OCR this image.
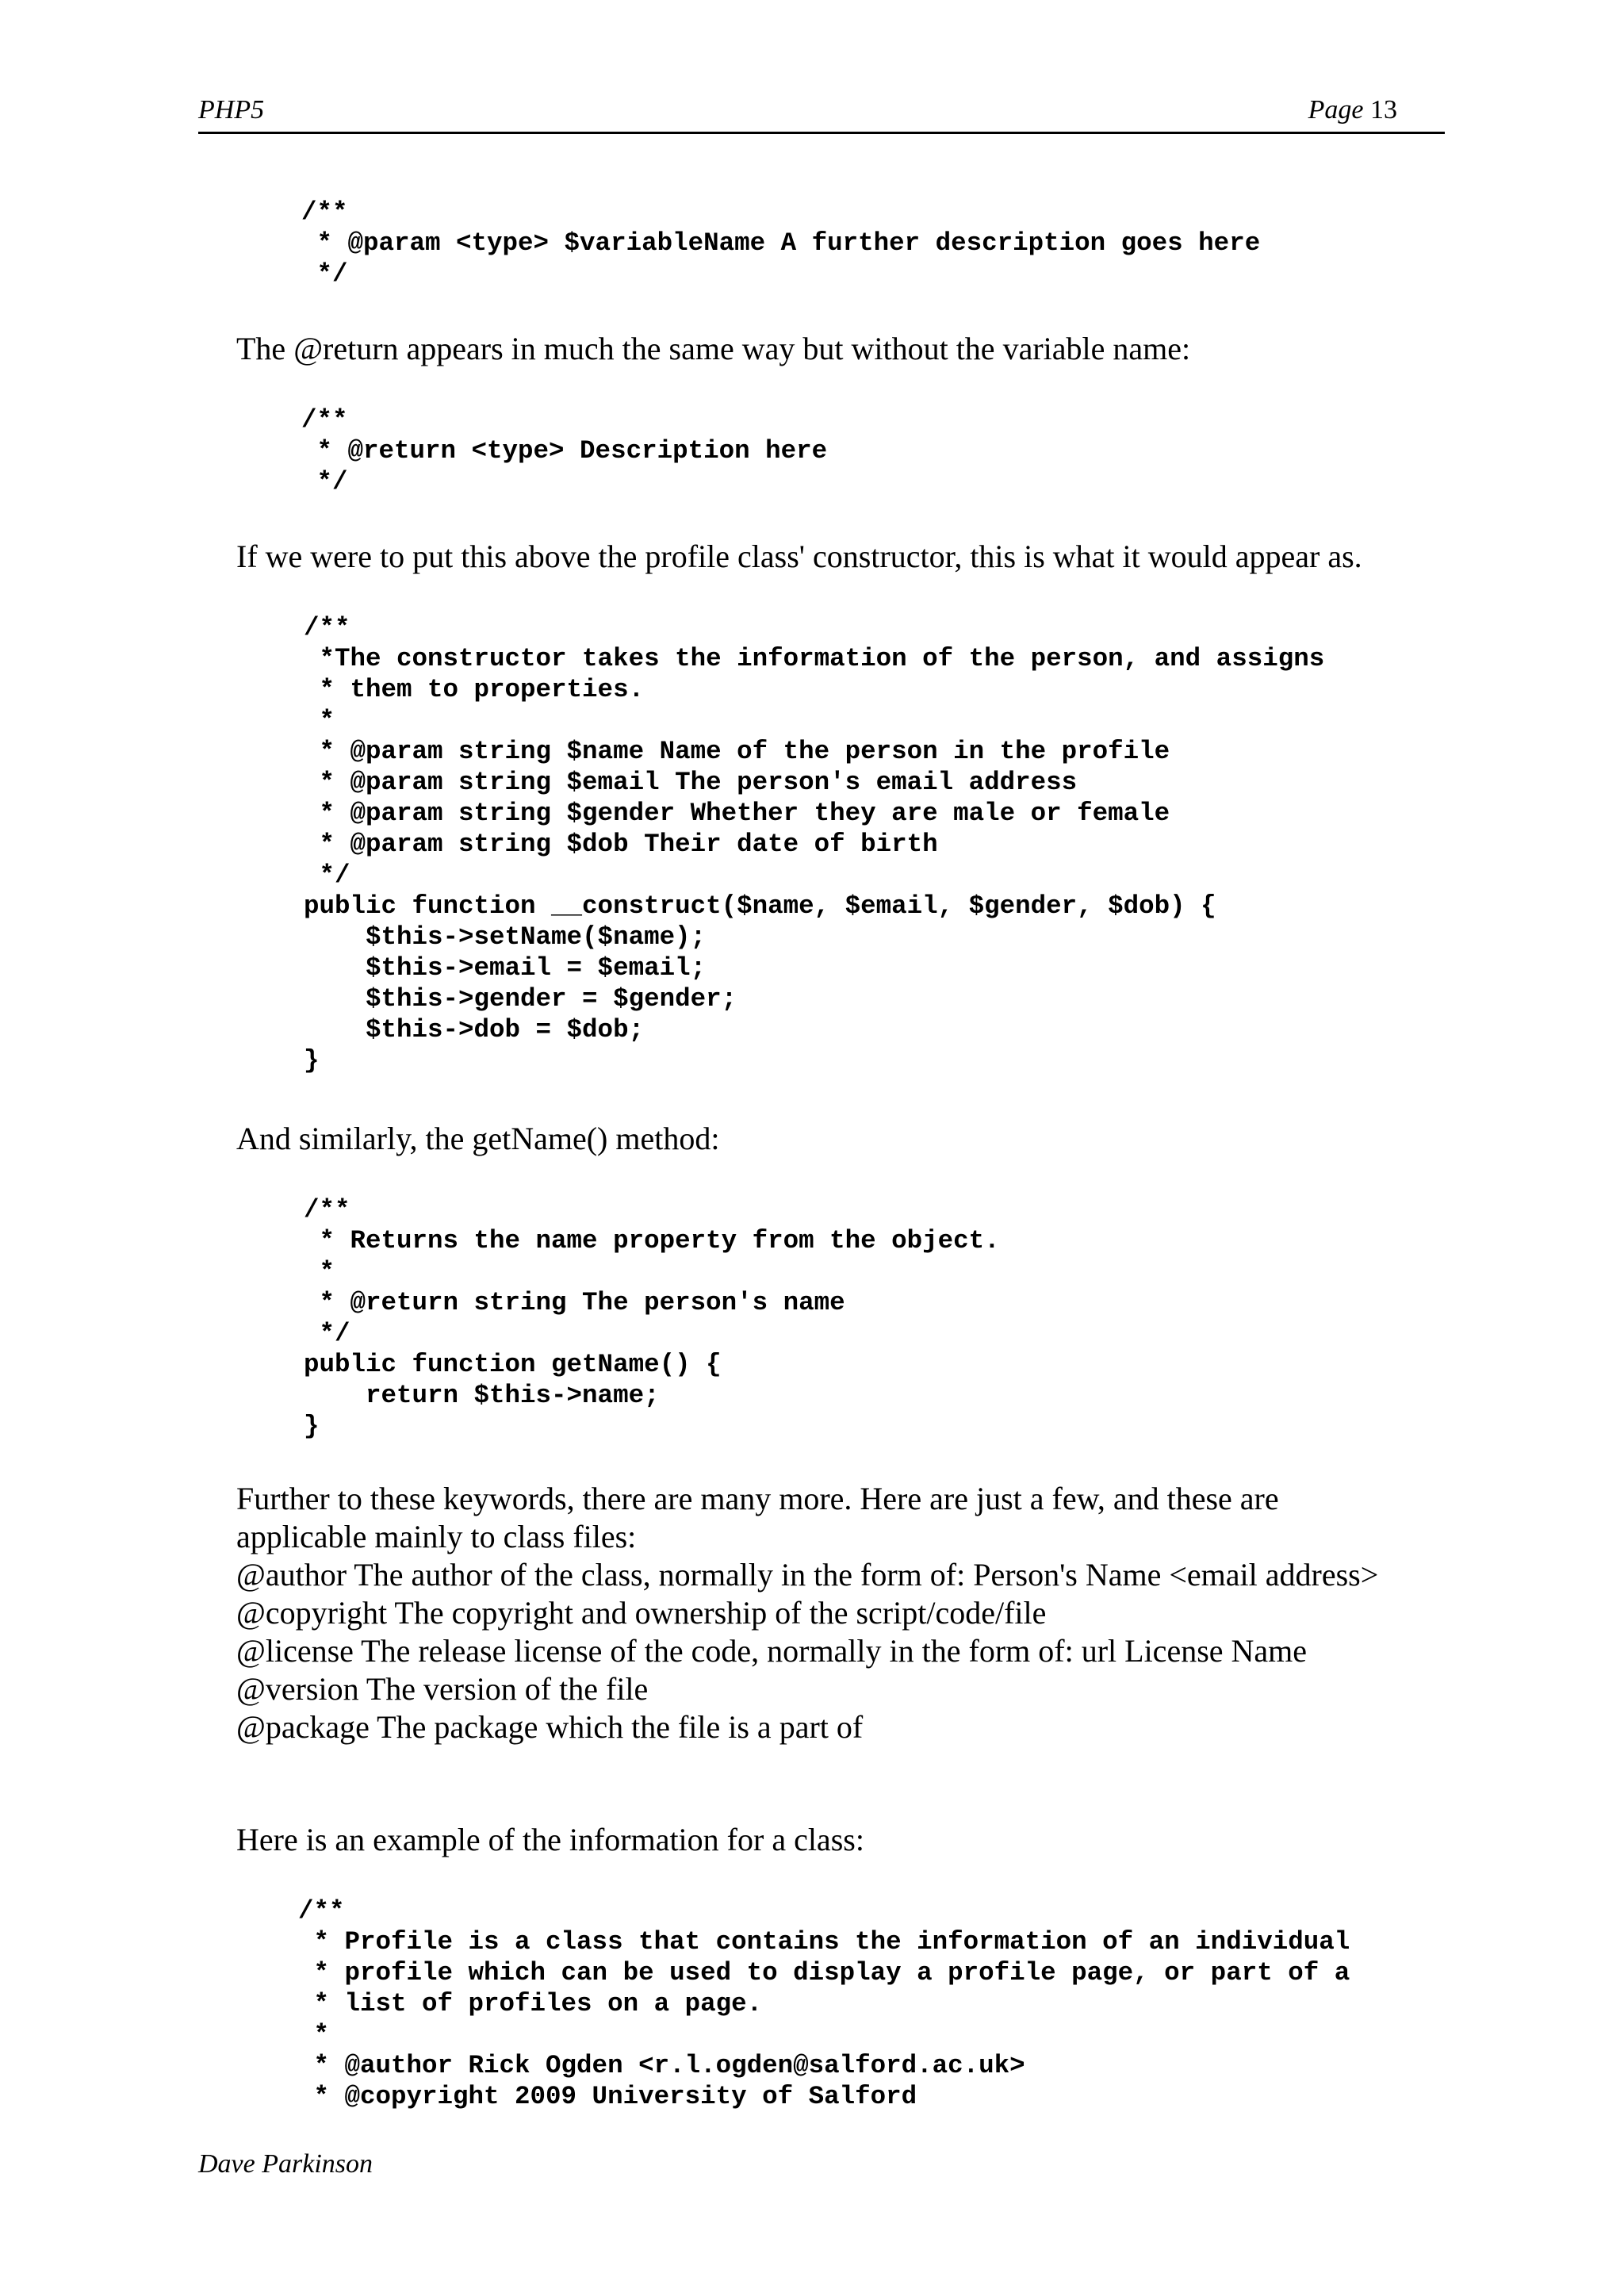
PHP5	Page 13
/**
* @param <type> $variableName A further description goes here
*/

The @return appears in much the same way but without the variable name:

/**
* @return <type> Description here
*/

If we were to put this above the profile class' constructor, this is what it would appear as.

/**
*The constructor takes the information of the person, and assigns
* them to properties.
*
* @param string $name Name of the person in the profile
* @param string $email The person's email address
* @param string $gender Whether they are male or female
* @param string $dob Their date of birth
*/
public function __construct($name, $email, $gender, $dob) {
$this->setName($name);
$this->email = $email;
$this->gender = $gender;
$this->dob = $dob;
}

And similarly, the getName() method:

/**
* Returns the name property from the object.
*
* @return string The person's name
*/
public function getName() {
return $this->name;
}
Further to these keywords, there are many more. Here are just a few, and these are
applicable mainly to class files:
@author The author of the class, normally in the form of: Person's Name <email address>
@copyright The copyright and ownership of the script/code/file
@license The release license of the code, normally in the form of: url License Name
@version The version of the file
@package The package which the file is a part of

Here is an example of the information for a class:

/**
* Profile is a class that contains the information of an individual
* profile which can be used to display a profile page, or part of a
* list of profiles on a page.
*
* @author Rick Ogden <r.l.ogden@salford.ac.uk>
* @copyright 2009 University of Salford
Dave Parkinson
